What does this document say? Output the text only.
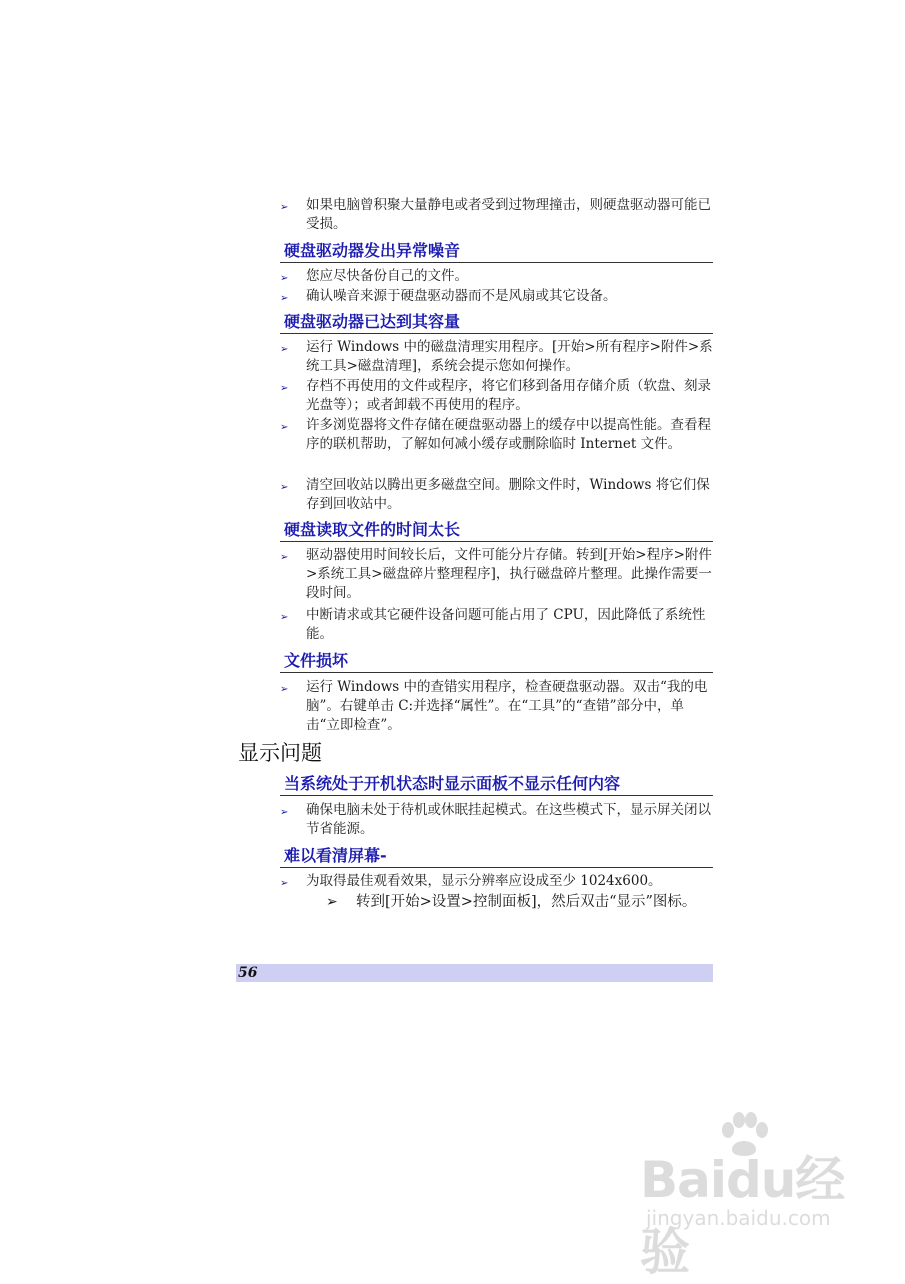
➢ 如果电脑曾积聚大量静电或者受到过物理撞击，则硬盘驱动器可能已受损。
硬盘驱动器发出异常噪音
➢ 您应尽快备份自己的文件。
➢ 确认噪音来源于硬盘驱动器而不是风扇或其它设备。
硬盘驱动器已达到其容量
➢ 运行 Windows 中的磁盘清理实用程序。[开始>所有程序>附件>系统工具>磁盘清理]，系统会提示您如何操作。
➢ 存档不再使用的文件或程序，将它们移到备用存储介质（软盘、刻录光盘等）；或者卸载不再使用的程序。
➢ 许多浏览器将文件存储在硬盘驱动器上的缓存中以提高性能。查看程序的联机帮助，了解如何减小缓存或删除临时 Internet 文件。
➢ 清空回收站以腾出更多磁盘空间。删除文件时，Windows 将它们保存到回收站中。
硬盘读取文件的时间太长
➢ 驱动器使用时间较长后，文件可能分片存储。转到[开始>程序>附件>系统工具>磁盘碎片整理程序]，执行磁盘碎片整理。此操作需要一段时间。
➢ 中断请求或其它硬件设备问题可能占用了 CPU，因此降低了系统性能。
文件损坏
➢ 运行 Windows 中的查错实用程序，检查硬盘驱动器。双击“我的电脑”。右键单击 C:并选择“属性”。在“工具”的“查错”部分中，单击“立即检查”。
显示问题
当系统处于开机状态时显示面板不显示任何内容
➢ 确保电脑未处于待机或休眠挂起模式。在这些模式下，显示屏关闭以节省能源。
难以看清屏幕-
➢ 为取得最佳观看效果，显示分辨率应设成至少 1024x600。
➢ 转到[开始>设置>控制面板]，然后双击“显示”图标。
56
Baidu经验
jingyan.baidu.com
